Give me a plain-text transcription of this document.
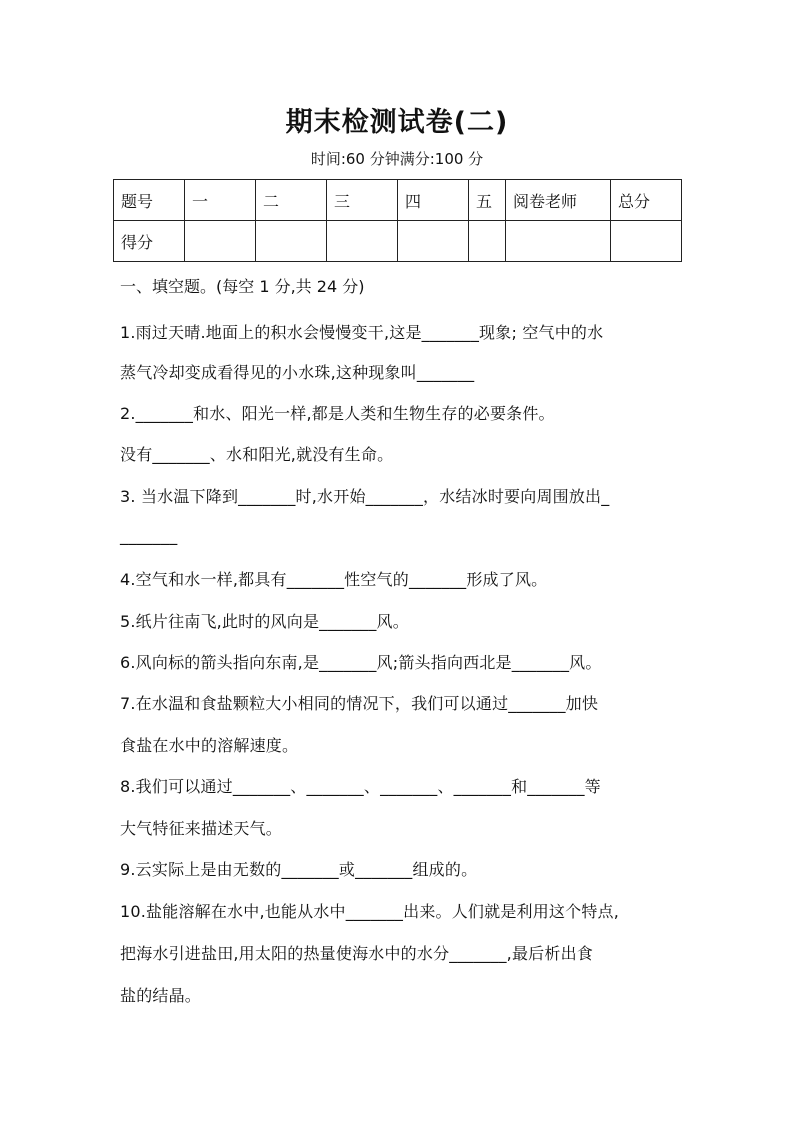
期末检测试卷(二)
时间:60 分钟满分:100 分
题号	一	二	三	四	五	阅卷老师	总分
得分							
一、填空题。(每空 1 分,共 24 分)
1.雨过天晴.地面上的积水会慢慢变干,这是_______现象; 空气中的水
蒸气冷却变成看得见的小水珠,这种现象叫_______
2._______和水、阳光一样,都是人类和生物生存的必要条件。
没有_______、水和阳光,就没有生命。
3. 当水温下降到_______时,水开始_______，水结冰时要向周围放出_
_______
4.空气和水一样,都具有_______性空气的_______形成了风。
5.纸片往南飞,此时的风向是_______风。
6.风向标的箭头指向东南,是_______风;箭头指向西北是_______风。
7.在水温和食盐颗粒大小相同的情况下，我们可以通过_______加快
食盐在水中的溶解速度。
8.我们可以通过_______、_______、_______、_______和_______等
大气特征来描述天气。
9.云实际上是由无数的_______或_______组成的。
10.盐能溶解在水中,也能从水中_______出来。人们就是利用这个特点,
把海水引进盐田,用太阳的热量使海水中的水分_______,最后析出食
盐的结晶。
